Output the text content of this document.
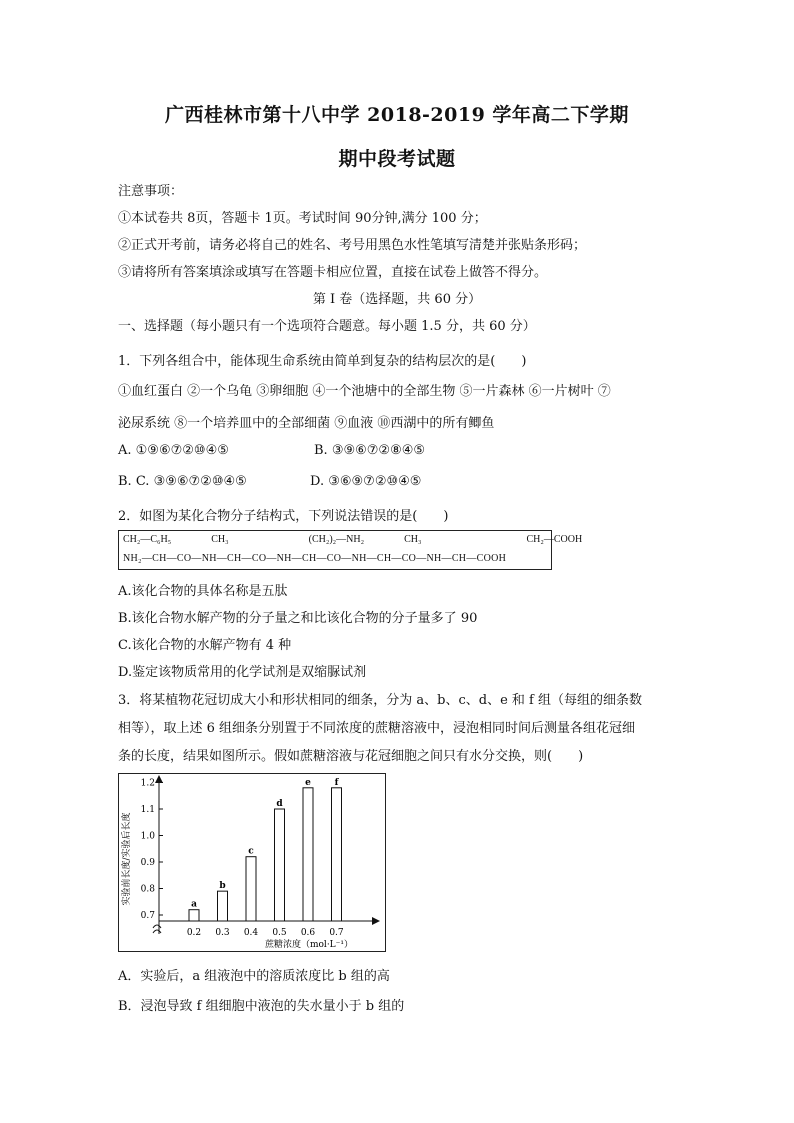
广西桂林市第十八中学 2018-2019 学年高二下学期
期中段考试题
注意事项：
①本试卷共 8页，答题卡 1页。考试时间 90分钟,满分 100 分；
②正式开考前，请务必将自己的姓名、考号用黑色水性笔填写清楚并张贴条形码；
③请将所有答案填涂或填写在答题卡相应位置，直接在试卷上做答不得分。
第 I 卷（选择题，共 60 分）
一、选择题（每小题只有一个选项符合题意。每小题 1.5 分，共 60 分）
1．下列各组合中，能体现生命系统由简单到复杂的结构层次的是(　　)
①血红蛋白 ②一个乌龟 ③卵细胞 ④一个池塘中的全部生物 ⑤一片森林 ⑥一片树叶 ⑦
泌尿系统 ⑧一个培养皿中的全部细菌 ⑨血液 ⑩西湖中的所有鲫鱼
A. ①⑨⑥⑦②⑩④⑤	B. ③⑨⑥⑦②⑧④⑤
B. C. ③⑨⑥⑦②⑩④⑤	D. ③⑥⑨⑦②⑩④⑤
2．如图为某化合物分子结构式，下列说法错误的是(　　)
CH₂—C₆H₅                CH₃                                (CH₂)₂—NH₂                CH₃                                          CH₂—COOH
NH₂—CH—CO—NH—CH—CO—NH—CH—CO—NH—CH—CO—NH—CH—COOH
A.该化合物的具体名称是五肽
B.该化合物水解产物的分子量之和比该化合物的分子量多了 90
C.该化合物的水解产物有 4 种
D.鉴定该物质常用的化学试剂是双缩脲试剂
3．将某植物花冠切成大小和形状相同的细条，分为 a、b、c、d、e 和 f 组（每组的细条数
相等），取上述 6 组细条分别置于不同浓度的蔗糖溶液中，浸泡相同时间后测量各组花冠细
条的长度，结果如图所示。假如蔗糖溶液与花冠细胞之间只有水分交换，则(　　)
实验前长度/实验后长度
蔗糖浓度（mol·L⁻¹）
0.7
0.8
0.9
1.0
1.1
1.2
a
0.2
b
0.3
c
0.4
d
0.5
e
0.6
f
0.7
A．实验后，a 组液泡中的溶质浓度比 b 组的高
B．浸泡导致 f 组细胞中液泡的失水量小于 b 组的
